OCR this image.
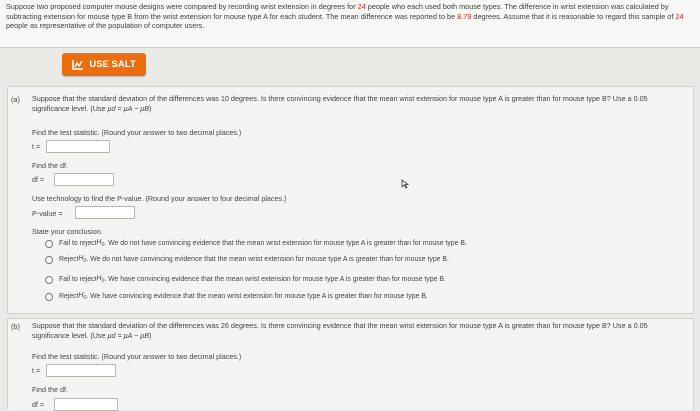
Suppose two proposed computer mouse designs were compared by recording wrist extension in degrees for 24 people who each used both mouse types. The difference in wrist extension was calculated by subtracting extension for mouse type B from the wrist extension for mouse type A for each student. The mean difference was reported to be 8.79 degrees. Assume that it is reasonable to regard this sample of 24 people as representative of the population of computer users.

USE SALT
(a) Suppose that the standard deviation of the differences was 10 degrees. Is there convincing evidence that the mean wrist extension for mouse type A is greater than for mouse type B? Use a 0.05 significance level. (Use μd = μA − μB)
Find the test statistic. (Round your answer to two decimal places.)
t =
Find the df.
df =
Use technology to find the P-value. (Round your answer to four decimal places.)
P-value =
State your conclusion.
Fail to reject $H_0$ . We do not have convincing evidence that the mean wrist extension for mouse type A is greater than for mouse type B.
Reject $H_0$ . We do not have convincing evidence that the mean wrist extension for mouse type A is greater than for mouse type B.
Fail to reject $H_0$ . We have convincing evidence that the mean wrist extension for mouse type A is greater than for mouse type B.
Reject $H_0$ . We have convincing evidence that the mean wrist extension for mouse type A is greater than for mouse type B.
(b) Suppose that the standard deviation of the differences was 26 degrees. Is there convincing evidence that the mean wrist extension for mouse type A is greater than for mouse type B? Use a 0.05 significance level. (Use μd = μA − μB)
Find the test statistic. (Round your answer to two decimal places.)
t =
Find the df.
df =
